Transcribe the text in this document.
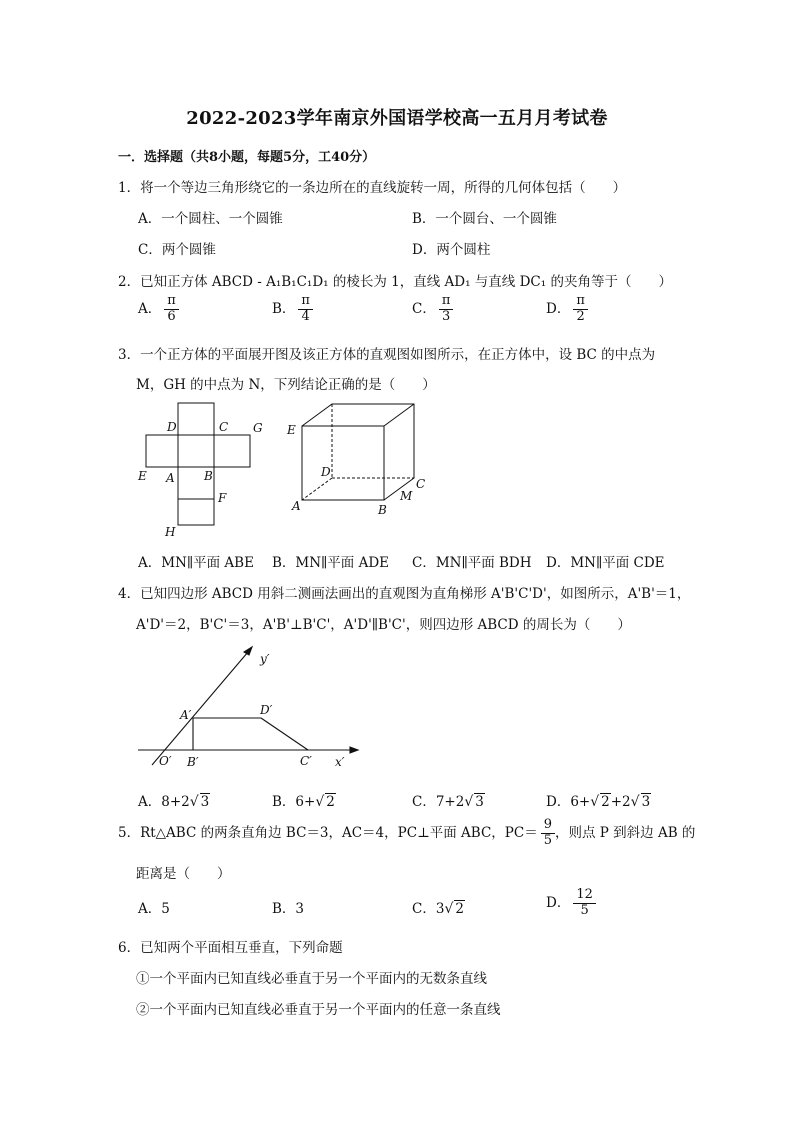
2022-2023学年南京外国语学校高一五月月考试卷
一．选择题（共8小题，每题5分，工40分）
1．将一个等边三角形绕它的一条边所在的直线旋转一周，所得的几何体包括（　　）
A．一个圆柱、一个圆锥	B．一个圆台、一个圆锥
C．两个圆锥	D．两个圆柱
2．已知正方体 ABCD - A₁B₁C₁D₁ 的棱长为 1，直线 AD₁ 与直线 DC₁ 的夹角等于（　　）
A． $\frac{\pi}{6}$	B． $\frac{\pi}{4}$	C． $\frac{\pi}{3}$	D． $\frac{\pi}{2}$
3．一个正方体的平面展开图及该正方体的直观图如图所示，在正方体中，设 BC 的中点为
M，GH 的中点为 N，下列结论正确的是（　　）
D	C G
E A B
F
H
E
D
C
M
A	B
A．MN∥平面 ABE B．MN∥平面 ADE C．MN∥平面 BDH D．MN∥平面 CDE
4．已知四边形 ABCD 用斜二测画法画出的直观图为直角梯形 A'B'C'D'，如图所示，A'B'＝1，
A'D'＝2，B'C'＝3，A'B'⊥B'C'，A'D'∥B'C'，则四边形 ABCD 的周长为（　　）
y′
A′	D′
O′ B′	C′ x′
A．8+2√ 3	B．6+√ 2	C．7+2√ 3	D．6+√ 2+2√ 3
5．Rt△ABC 的两条直角边 BC＝3，AC＝4，PC⊥平面 ABC，$PC= \frac{9}{5}$ ，则点 P 到斜边 AB 的
距离是（　　）
A．5	B．3	C．3√ 2	D． $\frac{12}{5}$
6．已知两个平面相互垂直，下列命题
①一个平面内已知直线必垂直于另一个平面内的无数条直线
②一个平面内已知直线必垂直于另一个平面内的任意一条直线
